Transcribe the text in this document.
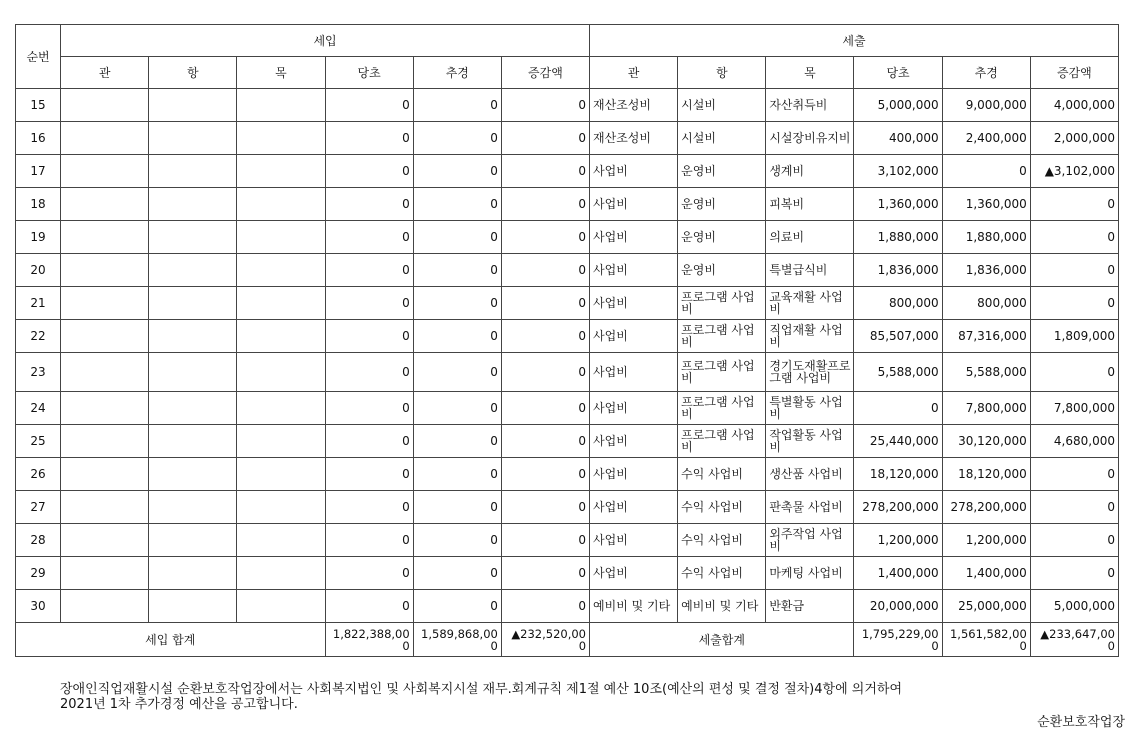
순번	세입						세출					
	관	항	목	당초	추경	증감액	관	항	목	당초	추경	증감액
15				0	0	0	재산조성비	시설비	자산취득비	5,000,000	9,000,000	4,000,000
16				0	0	0	재산조성비	시설비	시설장비유지비	400,000	2,400,000	2,000,000
17				0	0	0	사업비	운영비	생계비	3,102,000	0	▲3,102,000
18				0	0	0	사업비	운영비	피복비	1,360,000	1,360,000	0
19				0	0	0	사업비	운영비	의료비	1,880,000	1,880,000	0
20				0	0	0	사업비	운영비	특별급식비	1,836,000	1,836,000	0
21				0	0	0	사업비	프로그램 사업비	교육재활 사업비	800,000	800,000	0
22				0	0	0	사업비	프로그램 사업비	직업재활 사업비	85,507,000	87,316,000	1,809,000
23				0	0	0	사업비	프로그램 사업비	경기도재활프로그램 사업비	5,588,000	5,588,000	0
24				0	0	0	사업비	프로그램 사업비	특별활동 사업비	0	7,800,000	7,800,000
25				0	0	0	사업비	프로그램 사업비	작업활동 사업비	25,440,000	30,120,000	4,680,000
26				0	0	0	사업비	수익 사업비	생산품 사업비	18,120,000	18,120,000	0
27				0	0	0	사업비	수익 사업비	판촉물 사업비	278,200,000	278,200,000	0
28				0	0	0	사업비	수익 사업비	외주작업 사업비	1,200,000	1,200,000	0
29				0	0	0	사업비	수익 사업비	마케팅 사업비	1,400,000	1,400,000	0
30				0	0	0	예비비 및 기타	예비비 및 기타	반환금	20,000,000	25,000,000	5,000,000
세입 합계				1,822,388,000	1,589,868,000	▲232,520,000	세출합계			1,795,229,000	1,561,582,000	▲233,647,000
장애인직업재활시설 순환보호작업장에서는 사회복지법인 및 사회복지시설 재무.회계규칙 제1절 예산 10조(예산의 편성 및 결정 절차)4항에 의거하여
2021년 1차 추가경정 예산을 공고합니다.
순환보호작업장
